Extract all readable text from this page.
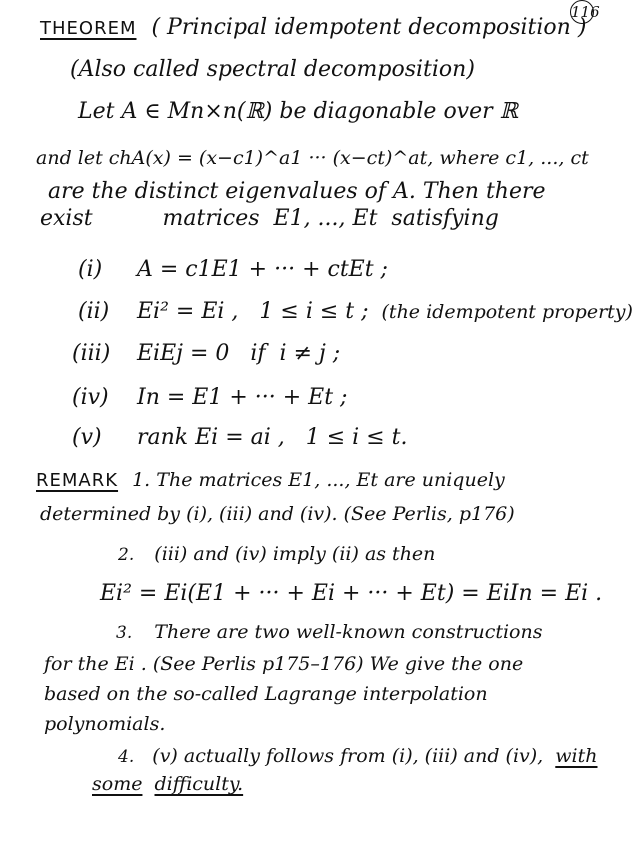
116
THEOREM ( Principal idempotent decomposition )
(Also called spectral decomposition)
Let A ∈ Mn×n(ℝ) be diagonable over ℝ
and let chA(x) = (x−c1)^a1 ··· (x−ct)^at, where c1, ..., ct
are the distinct eigenvalues of A. Then there
exist          matrices  E1, ..., Et  satisfying
(i) A = c1E1 + ··· + ctEt ;
(ii) Ei² = Ei ,   1 ≤ i ≤ t ; (the idempotent property)
(iii) EiEj = 0   if  i ≠ j ;
(iv) In = E1 + ··· + Et ;
(v) rank Ei = ai ,   1 ≤ i ≤ t.
REMARK 1. The matrices E1, ..., Et are uniquely
determined by (i), (iii) and (iv). (See Perlis, p176)
2. (iii) and (iv) imply (ii) as then
Ei² = Ei(E1 + ··· + Ei + ··· + Et) = EiIn = Ei .
3. There are two well-known constructions
for the Ei . (See Perlis p175–176) We give the one
based on the so-called Lagrange interpolation
polynomials.
4. (v) actually follows from (i), (iii) and (iv), with
some difficulty.
